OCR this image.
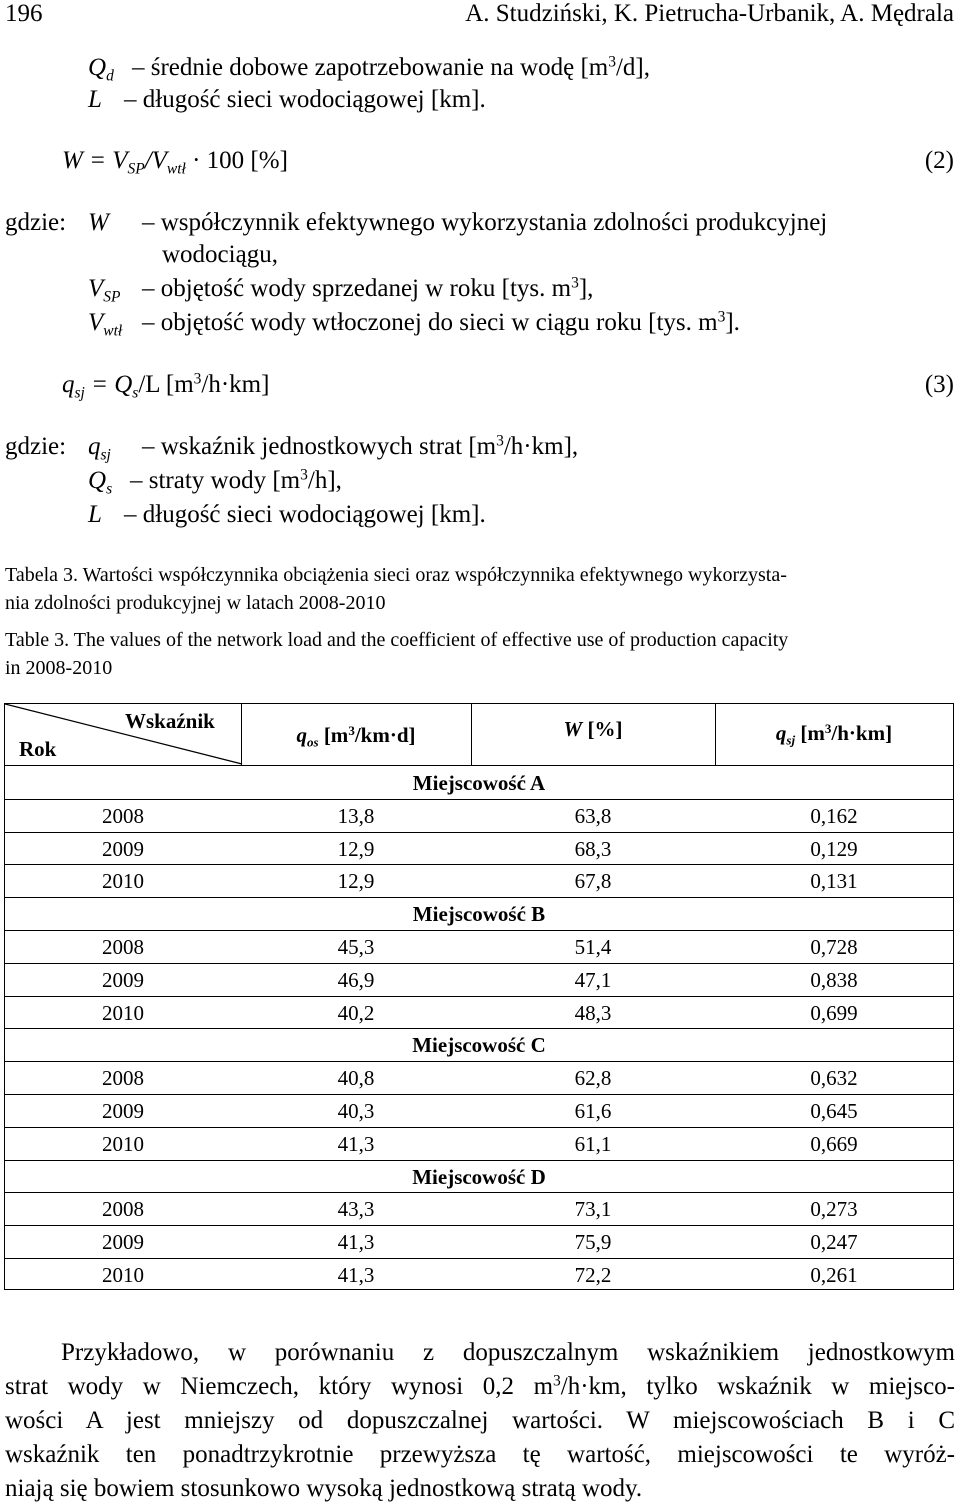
196	A. Studziński, K. Pietrucha-Urbanik, A. Mędrala
$Q_d$ – średnie dobowe zapotrzebowanie na wodę $[m^3/d]$,
L – długość sieci wodociągowej [km].
$W = V_{SP}/V_{wtł} \cdot 100$ [%]	(2)
gdzie: W – współczynnik efektywnego wykorzystania zdolności produkcyjnej
wodociągu,
$V_{SP}$ – objętość wody sprzedanej w roku [tys. $m^3$],
$V_{wtł}$ – objętość wody wtłoczonej do sieci w ciągu roku [tys. $m^3$].
$q_{sj} = Q_s/L$ $[m^3/h\cdot km]$	(3)
gdzie: $q_{sj}$ – wskaźnik jednostkowych strat $[m^3/h\cdot km]$,
$Q_s$ – straty wody $[m^3/h]$,
L – długość sieci wodociągowej [km].
Tabela 3. Wartości współczynnika obciążenia sieci oraz współczynnika efektywnego wykorzysta-
nia zdolności produkcyjnej w latach 2008-2010
Table 3. The values of the network load and the coefficient of effective use of production capacity
in 2008-2010
Wskaźnik
Rok
$q_{os}$ $[m^3/km\cdot d]$	W [%]	$q_{sj}$ $[m^3/h\cdot km]$
Miejscowość A
2008	13,8	63,8	0,162
2009	12,9	68,3	0,129
2010	12,9	67,8	0,131
Miejscowość B
2008	45,3	51,4	0,728
2009	46,9	47,1	0,838
2010	40,2	48,3	0,699
Miejscowość C
2008	40,8	62,8	0,632
2009	40,3	61,6	0,645
2010	41,3	61,1	0,669
Miejscowość D
2008	43,3	73,1	0,273
2009	41,3	75,9	0,247
2010	41,3	72,2	0,261
Przykładowo, w porównaniu z dopuszczalnym wskaźnikiem jednostkowym
strat wody w Niemczech, który wynosi 0,2 $m^3/h\cdot km$, tylko wskaźnik w miejsco-
wości A jest mniejszy od dopuszczalnej wartości. W miejscowościach B i C
wskaźnik ten ponadtrzykrotnie przewyższa tę wartość, miejscowości te wyróż-
niają się bowiem stosunkowo wysoką jednostkową stratą wody.
